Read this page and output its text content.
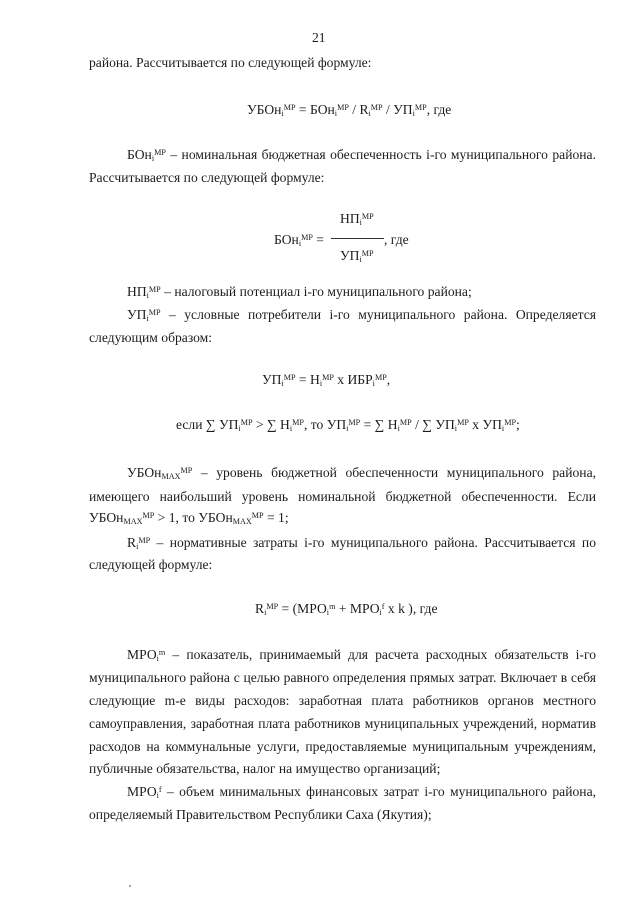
21
района. Рассчитывается по следующей формуле:
УБОн$_i^{МР}$ = $БОн_i^{МР} / R_i^{МР} / УП_i^{МР}$, где
БОн$_i^{МР}$ – номинальная бюджетная обеспеченность i-го муниципального района.
Рассчитывается по следующей формуле:
$НП_i^{МР}$
БОн$_i^{МР}$ =	, где
$УП_i^{МР}$
$НП_i^{МР}$ – налоговый потенциал i-го муниципального района;
$УП_i^{МР}$ – условные потребители i-го муниципального района. Определяется
следующим образом:
$УП_i^{МР} = Н_i^{МР}$ х $ИБР_i^{МР}$,
если ∑ $УП_i^{МР}$ > ∑ $Н_i^{МР}$, то $УП_i^{МР}$ = ∑ $Н_i^{МР}$ / ∑ $УП_i^{МР}$ х $УП_i^{МР}$;
УБОн$_{MAX}^{МР}$ – уровень бюджетной обеспеченности муниципального района,
имеющего наибольший уровень номинальной бюджетной обеспеченности. Если
УБОн$_{MAX}^{МР}$ > 1, то УБОн$_{MAX}^{МР}$ = 1;
$R_i^{МР}$ – нормативные затраты i-го муниципального района. Рассчитывается по
следующей формуле:
$R_i^{МР} = (МРО_i^m + МРО_i^f$ х k ), где
$МРО_i^m$ – показатель, принимаемый для расчета расходных обязательств i-го
муниципального района с целью равного определения прямых затрат. Включает в себя
следующие m-е виды расходов: заработная плата работников органов местного
самоуправления, заработная плата работников муниципальных учреждений, норматив
расходов на коммунальные услуги, предоставляемые муниципальным учреждениям,
публичные обязательства, налог на имущество организаций;
$МРО_i^f$ – объем минимальных финансовых затрат i-го муниципального района,
определяемый Правительством Республики Саха (Якутия);
